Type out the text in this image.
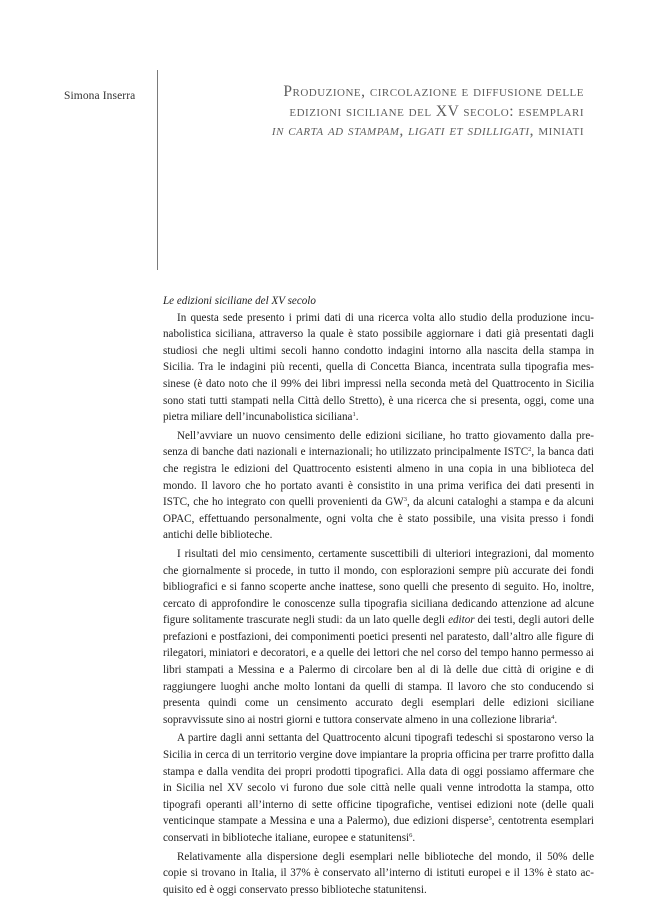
Simona Inserra	Produzione, circolazione e diffusione delle
edizioni siciliane del XV secolo: esemplari
in carta ad stampam, ligati et sdilligati, miniati

Le edizioni siciliane del XV secolo

In questa sede presento i primi dati di una ricerca volta allo studio della produzione incunabolistica siciliana, attraverso la quale è stato possibile aggiornare i dati già presentati dagli studiosi che negli ultimi secoli hanno condotto indagini intorno alla nascita della stampa in Sicilia. Tra le indagini più recenti, quella di Concetta Bianca, incentrata sulla tipografia messinese (è dato noto che il 99% dei libri impressi nella seconda metà del Quattrocento in Sicilia sono stati tutti stampati nella Città dello Stretto), è una ricerca che si presenta, oggi, come una pietra miliare dell’incunabolistica siciliana$^1$.

Nell’avviare un nuovo censimento delle edizioni siciliane, ho tratto giovamento dalla presenza di banche dati nazionali e internazionali; ho utilizzato principalmente ISTC$^2$, la banca dati che registra le edizioni del Quattrocento esistenti almeno in una copia in una biblioteca del mondo. Il lavoro che ho portato avanti è consistito in una prima verifica dei dati presenti in ISTC, che ho integrato con quelli provenienti da $GW^3$, da alcuni cataloghi a stampa e da alcuni OPAC, effettuando personalmente, ogni volta che è stato possibile, una visita presso i fondi antichi delle biblioteche.

I risultati del mio censimento, certamente suscettibili di ulteriori integrazioni, dal momento che giornalmente si procede, in tutto il mondo, con esplorazioni sempre più accurate dei fondi bibliografici e si fanno scoperte anche inattese, sono quelli che presento di seguito. Ho, inoltre, cercato di approfondire le conoscenze sulla tipografia siciliana dedicando attenzione ad alcune figure solitamente trascurate negli studi: da un lato quelle degli editor dei testi, degli autori delle prefazioni e postfazioni, dei componimenti poetici presenti nel paratesto, dall’altro alle figure di rilegatori, miniatori e decoratori, e a quelle dei lettori che nel corso del tempo hanno permesso ai libri stampati a Messina e a Palermo di circolare ben al di là delle due città di origine e di raggiungere luoghi anche molto lontani da quelli di stampa. Il lavoro che sto conducendo si presenta quindi come un censimento accurato degli esemplari delle edizioni siciliane sopravvissute sino ai nostri giorni e tuttora conservate almeno in una collezione libraria$^4$.

A partire dagli anni settanta del Quattrocento alcuni tipografi tedeschi si spostarono verso la Sicilia in cerca di un territorio vergine dove impiantare la propria officina per trarre profitto dalla stampa e dalla vendita dei propri prodotti tipografici. Alla data di oggi possiamo affermare che in Sicilia nel XV secolo vi furono due sole città nelle quali venne introdotta la stampa, otto tipografi operanti all’interno di sette officine tipografiche, ventisei edizioni note (delle quali venticinque stampate a Messina e una a Palermo), due edizioni disperse$^5$, centotrenta esemplari conservati in biblioteche italiane, europee e statunitensi$^6$.

Relativamente alla dispersione degli esemplari nelle biblioteche del mondo, il 50% delle copie si trovano in Italia, il 37% è conservato all’interno di istituti europei e il 13% è stato acquisito ed è oggi conservato presso biblioteche statunitensi.
